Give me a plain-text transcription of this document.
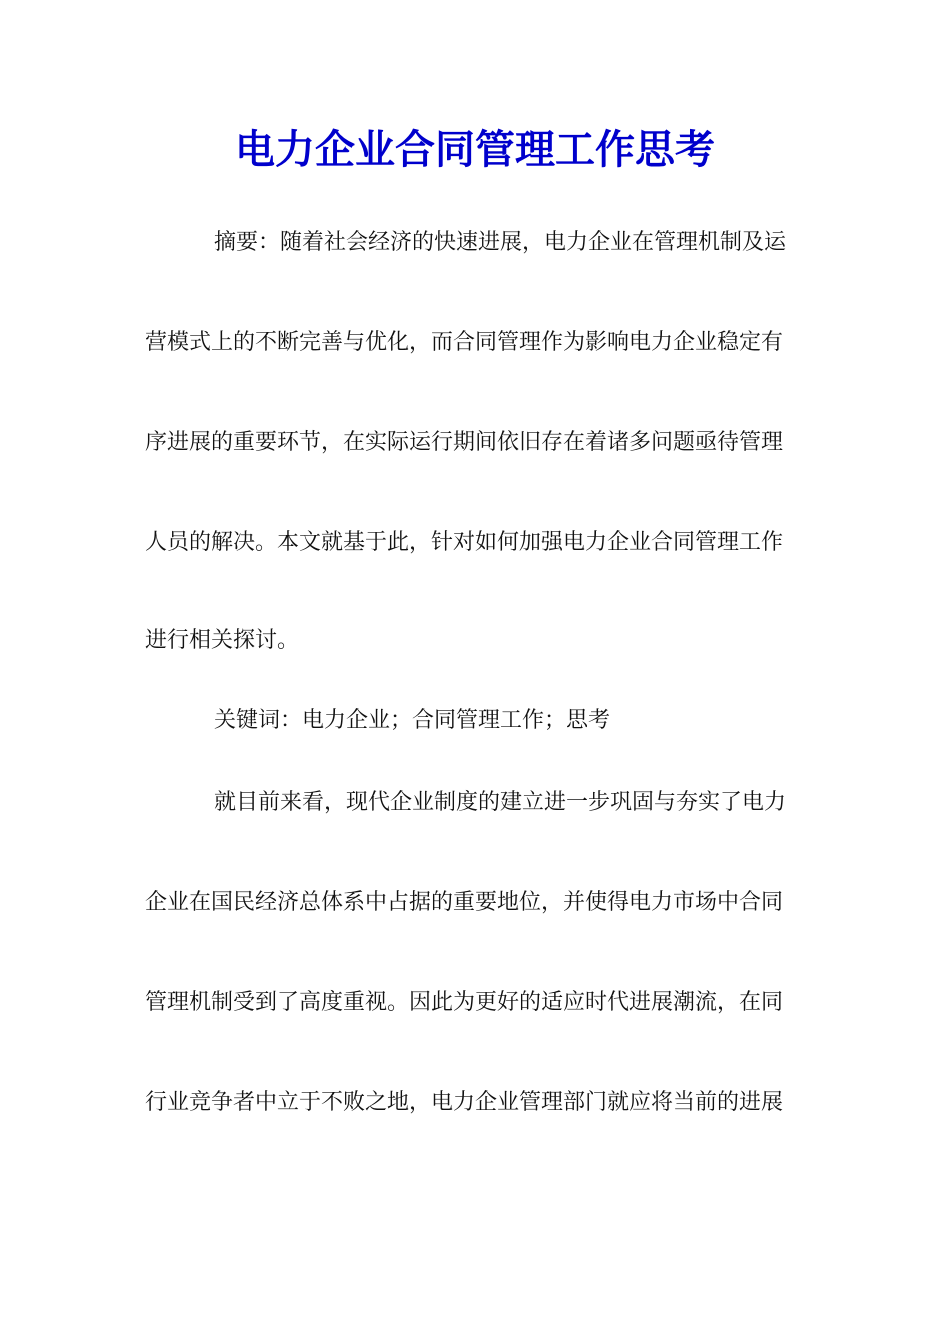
电力企业合同管理工作思考
摘要：随着社会经济的快速进展，电力企业在管理机制及运
营模式上的不断完善与优化，而合同管理作为影响电力企业稳定有
序进展的重要环节，在实际运行期间依旧存在着诸多问题亟待管理
人员的解决。本文就基于此，针对如何加强电力企业合同管理工作
进行相关探讨。
关键词：电力企业；合同管理工作；思考
就目前来看，现代企业制度的建立进一步巩固与夯实了电力
企业在国民经济总体系中占据的重要地位，并使得电力市场中合同
管理机制受到了高度重视。因此为更好的适应时代进展潮流，在同
行业竞争者中立于不败之地，电力企业管理部门就应将当前的进展
